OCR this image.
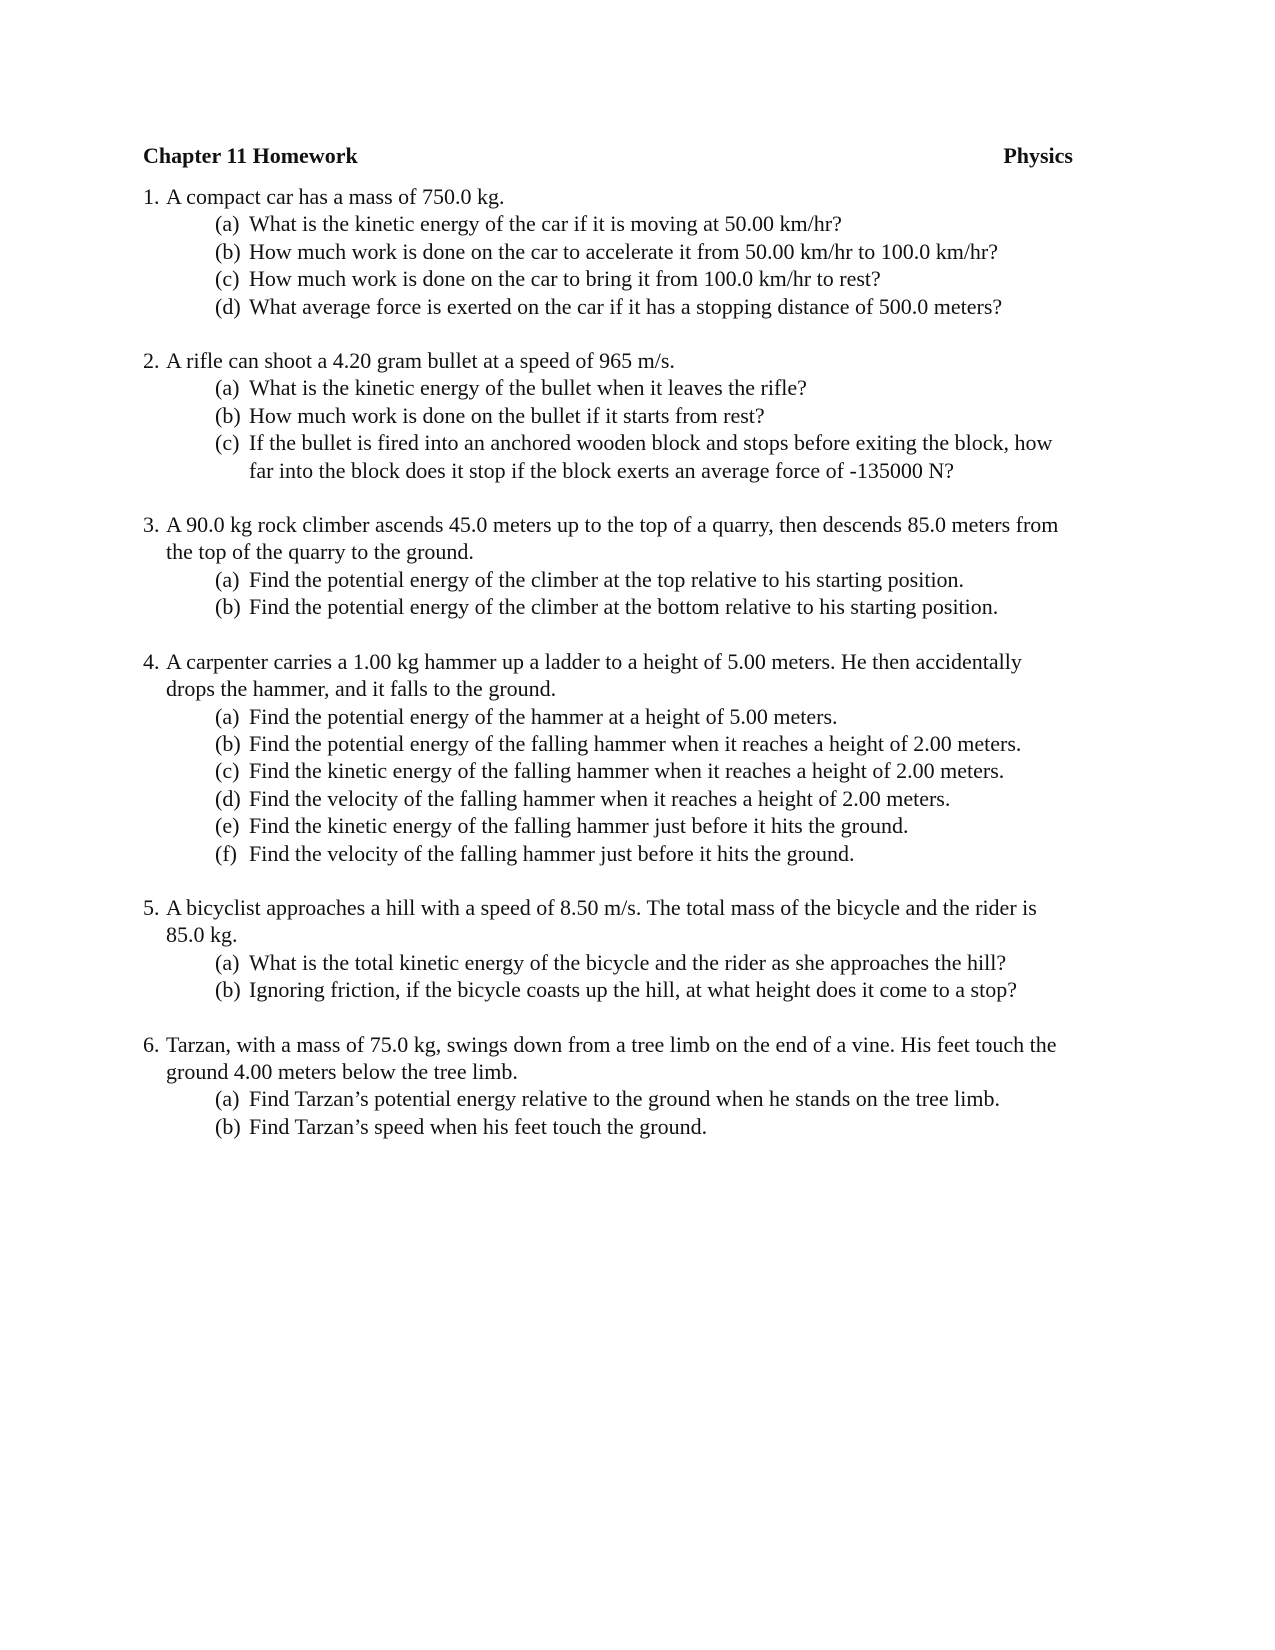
Chapter 11 Homework	Physics
1. A compact car has a mass of 750.0 kg.
(a) What is the kinetic energy of the car if it is moving at 50.00 km/hr?
(b) How much work is done on the car to accelerate it from 50.00 km/hr to 100.0 km/hr?
(c) How much work is done on the car to bring it from 100.0 km/hr to rest?
(d) What average force is exerted on the car if it has a stopping distance of 500.0 meters?
2. A rifle can shoot a 4.20 gram bullet at a speed of 965 m/s.
(a) What is the kinetic energy of the bullet when it leaves the rifle?
(b) How much work is done on the bullet if it starts from rest?
(c) If the bullet is fired into an anchored wooden block and stops before exiting the block, how far into the block does it stop if the block exerts an average force of -135000 N?
3. A 90.0 kg rock climber ascends 45.0 meters up to the top of a quarry, then descends 85.0 meters from the top of the quarry to the ground.
(a) Find the potential energy of the climber at the top relative to his starting position.
(b) Find the potential energy of the climber at the bottom relative to his starting position.
4. A carpenter carries a 1.00 kg hammer up a ladder to a height of 5.00 meters. He then accidentally drops the hammer, and it falls to the ground.
(a) Find the potential energy of the hammer at a height of 5.00 meters.
(b) Find the potential energy of the falling hammer when it reaches a height of 2.00 meters.
(c) Find the kinetic energy of the falling hammer when it reaches a height of 2.00 meters.
(d) Find the velocity of the falling hammer when it reaches a height of 2.00 meters.
(e) Find the kinetic energy of the falling hammer just before it hits the ground.
(f) Find the velocity of the falling hammer just before it hits the ground.
5. A bicyclist approaches a hill with a speed of 8.50 m/s. The total mass of the bicycle and the rider is 85.0 kg.
(a) What is the total kinetic energy of the bicycle and the rider as she approaches the hill?
(b) Ignoring friction, if the bicycle coasts up the hill, at what height does it come to a stop?
6. Tarzan, with a mass of 75.0 kg, swings down from a tree limb on the end of a vine. His feet touch the ground 4.00 meters below the tree limb.
(a) Find Tarzan’s potential energy relative to the ground when he stands on the tree limb.
(b) Find Tarzan’s speed when his feet touch the ground.
